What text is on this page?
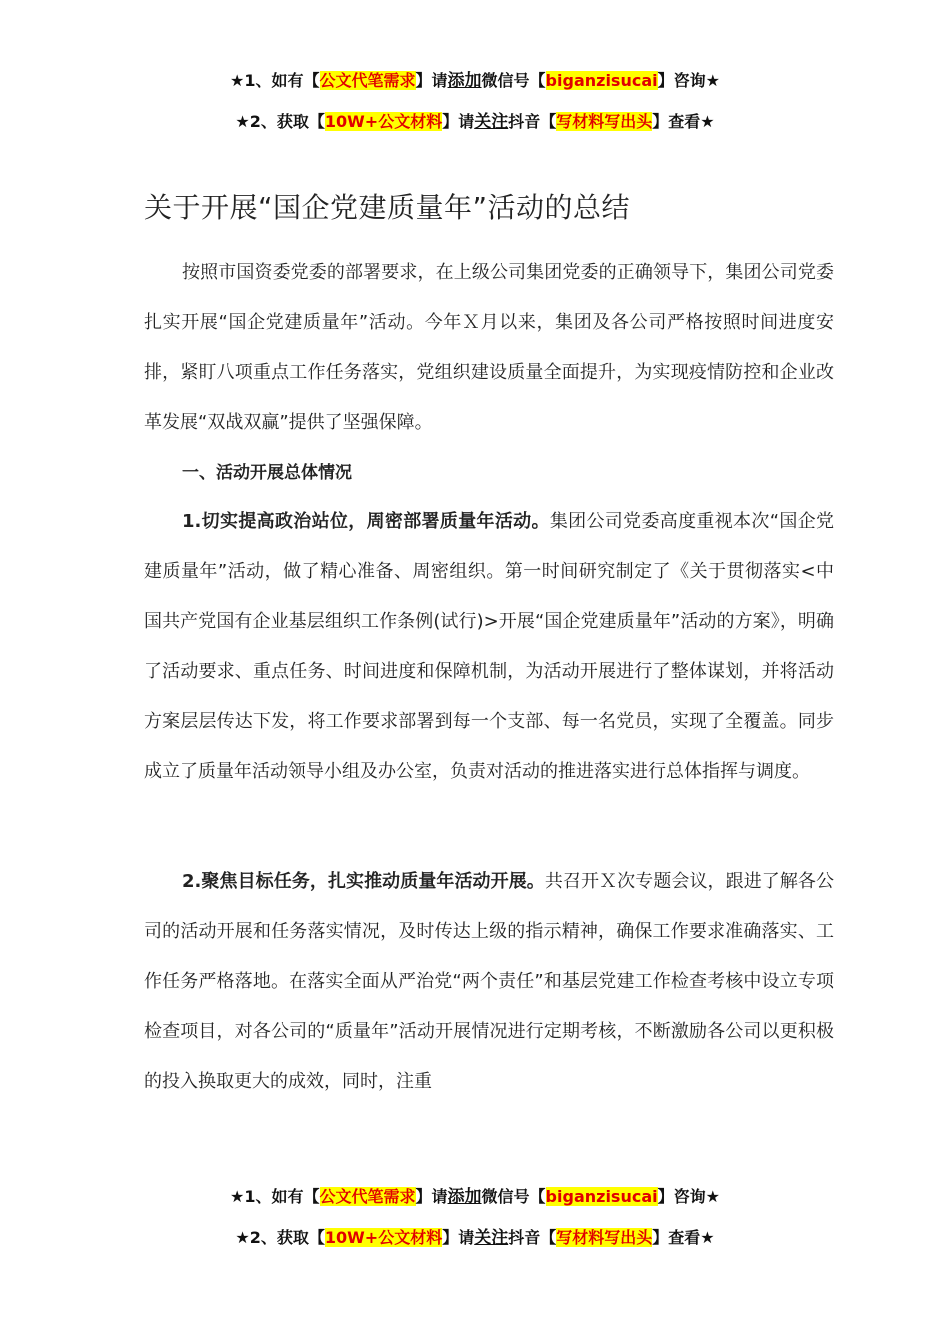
★1、如有【公文代笔需求】请添加微信号【biganzisucai】咨询★
★2、获取【10W+公文材料】请关注抖音【写材料写出头】查看★
关于开展“国企党建质量年”活动的总结

按照市国资委党委的部署要求，在上级公司集团党委的正确领导下，集团公司党委扎实开展“国企党建质量年”活动。今年Ｘ月以来，集团及各公司严格按照时间进度安排，紧盯八项重点工作任务落实，党组织建设质量全面提升，为实现疫情防控和企业改革发展“双战双赢”提供了坚强保障。

一、活动开展总体情况

1.切实提高政治站位，周密部署质量年活动。集团公司党委高度重视本次“国企党建质量年”活动，做了精心准备、周密组织。第一时间研究制定了《关于贯彻落实<中国共产党国有企业基层组织工作条例(试行)>开展“国企党建质量年”活动的方案》，明确了活动要求、重点任务、时间进度和保障机制，为活动开展进行了整体谋划，并将活动方案层层传达下发，将工作要求部署到每一个支部、每一名党员，实现了全覆盖。同步成立了质量年活动领导小组及办公室，负责对活动的推进落实进行总体指挥与调度。

2.聚焦目标任务，扎实推动质量年活动开展。共召开Ｘ次专题会议，跟进了解各公司的活动开展和任务落实情况，及时传达上级的指示精神，确保工作要求准确落实、工作任务严格落地。在落实全面从严治党“两个责任”和基层党建工作检查考核中设立专项检查项目，对各公司的“质量年”活动开展情况进行定期考核，不断激励各公司以更积极的投入换取更大的成效，同时，注重

★1、如有【公文代笔需求】请添加微信号【biganzisucai】咨询★
★2、获取【10W+公文材料】请关注抖音【写材料写出头】查看★
